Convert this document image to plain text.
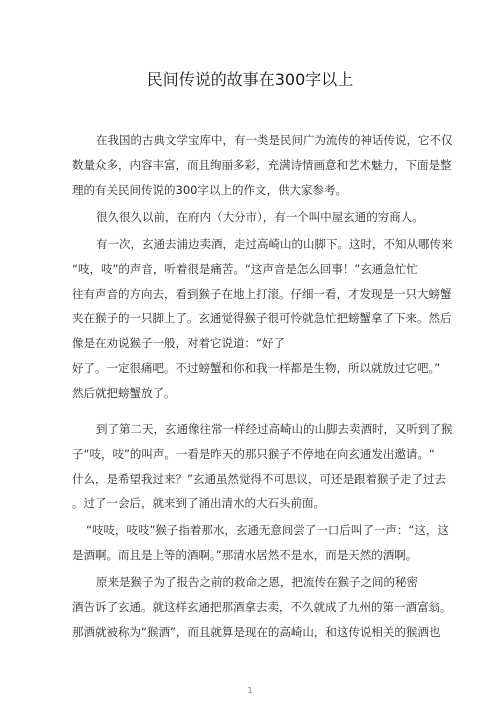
民间传说的故事在300字以上

在我国的古典文学宝库中，有一类是民间广为流传的神话传说，它不仅
数量众多，内容丰富，而且绚丽多彩，充满诗情画意和艺术魅力，下面是整
理的有关民间传说的300字以上的作文，供大家参考。

很久很久以前，在府内（大分市），有一个叫中屋玄通的穷商人。

有一次，玄通去浦边卖酒，走过高崎山的山脚下。这时，不知从哪传来
“吱，吱”的声音，听着很是痛苦。“这声音是怎么回事！”玄通急忙忙
往有声音的方向去，看到猴子在地上打滚。仔细一看，才发现是一只大螃蟹
夹在猴子的一只脚上了。玄通觉得猴子很可怜就急忙把螃蟹拿了下来。然后
像是在劝说猴子一般，对着它说道：“好了
好了。一定很痛吧。不过螃蟹和你和我一样都是生物，所以就放过它吧。”
然后就把螃蟹放了。

到了第二天，玄通像往常一样经过高崎山的山脚去卖酒时，又听到了猴
子“吱，吱”的叫声。一看是昨天的那只猴子不停地在向玄通发出邀请。“
什么，是希望我过来？”玄通虽然觉得不可思议，可还是跟着猴子走了过去
。过了一会后，就来到了涌出清水的大石头前面。

“吱吱，吱吱”猴子指着那水，玄通无意间尝了一口后叫了一声：“这，这
是酒啊。而且是上等的酒啊。”那清水居然不是水，而是天然的酒啊。

原来是猴子为了报告之前的救命之恩，把流传在猴子之间的秘密
酒告诉了玄通。就这样玄通把那酒拿去卖，不久就成了九州的第一酒富翁。
那酒就被称为“猴酒”，而且就算是现在的高崎山，和这传说相关的猴酒也

1
